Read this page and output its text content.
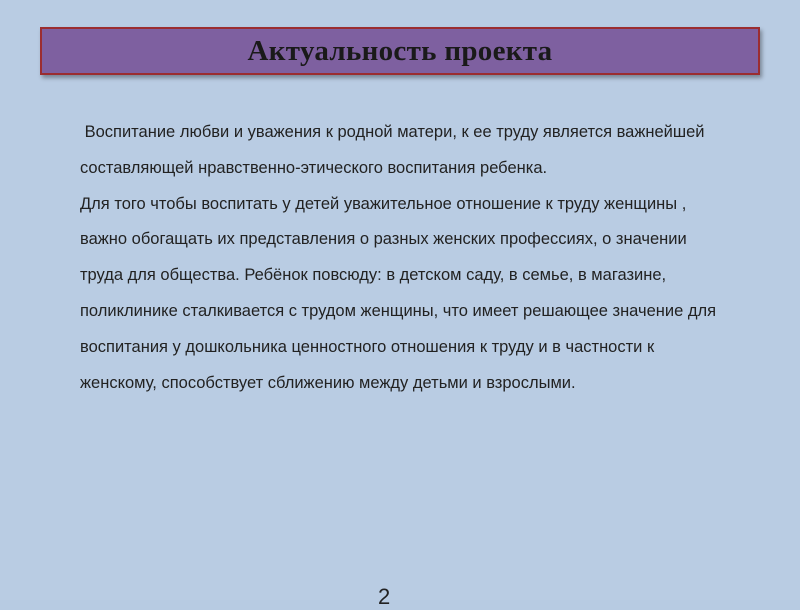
Актуальность проекта

Воспитание любви и уважения к родной матери, к ее труду является важнейшей составляющей нравственно-этического воспитания ребенка.

Для того чтобы воспитать у детей уважительное отношение к труду женщины , важно обогащать их представления о разных женских профессиях, о значении труда для общества. Ребёнок повсюду: в детском саду, в семье, в магазине, поликлинике сталкивается с трудом женщины, что имеет решающее значение для воспитания у дошкольника ценностного отношения к труду и в частности к женскому, способствует сближению между детьми и взрослыми.

2
